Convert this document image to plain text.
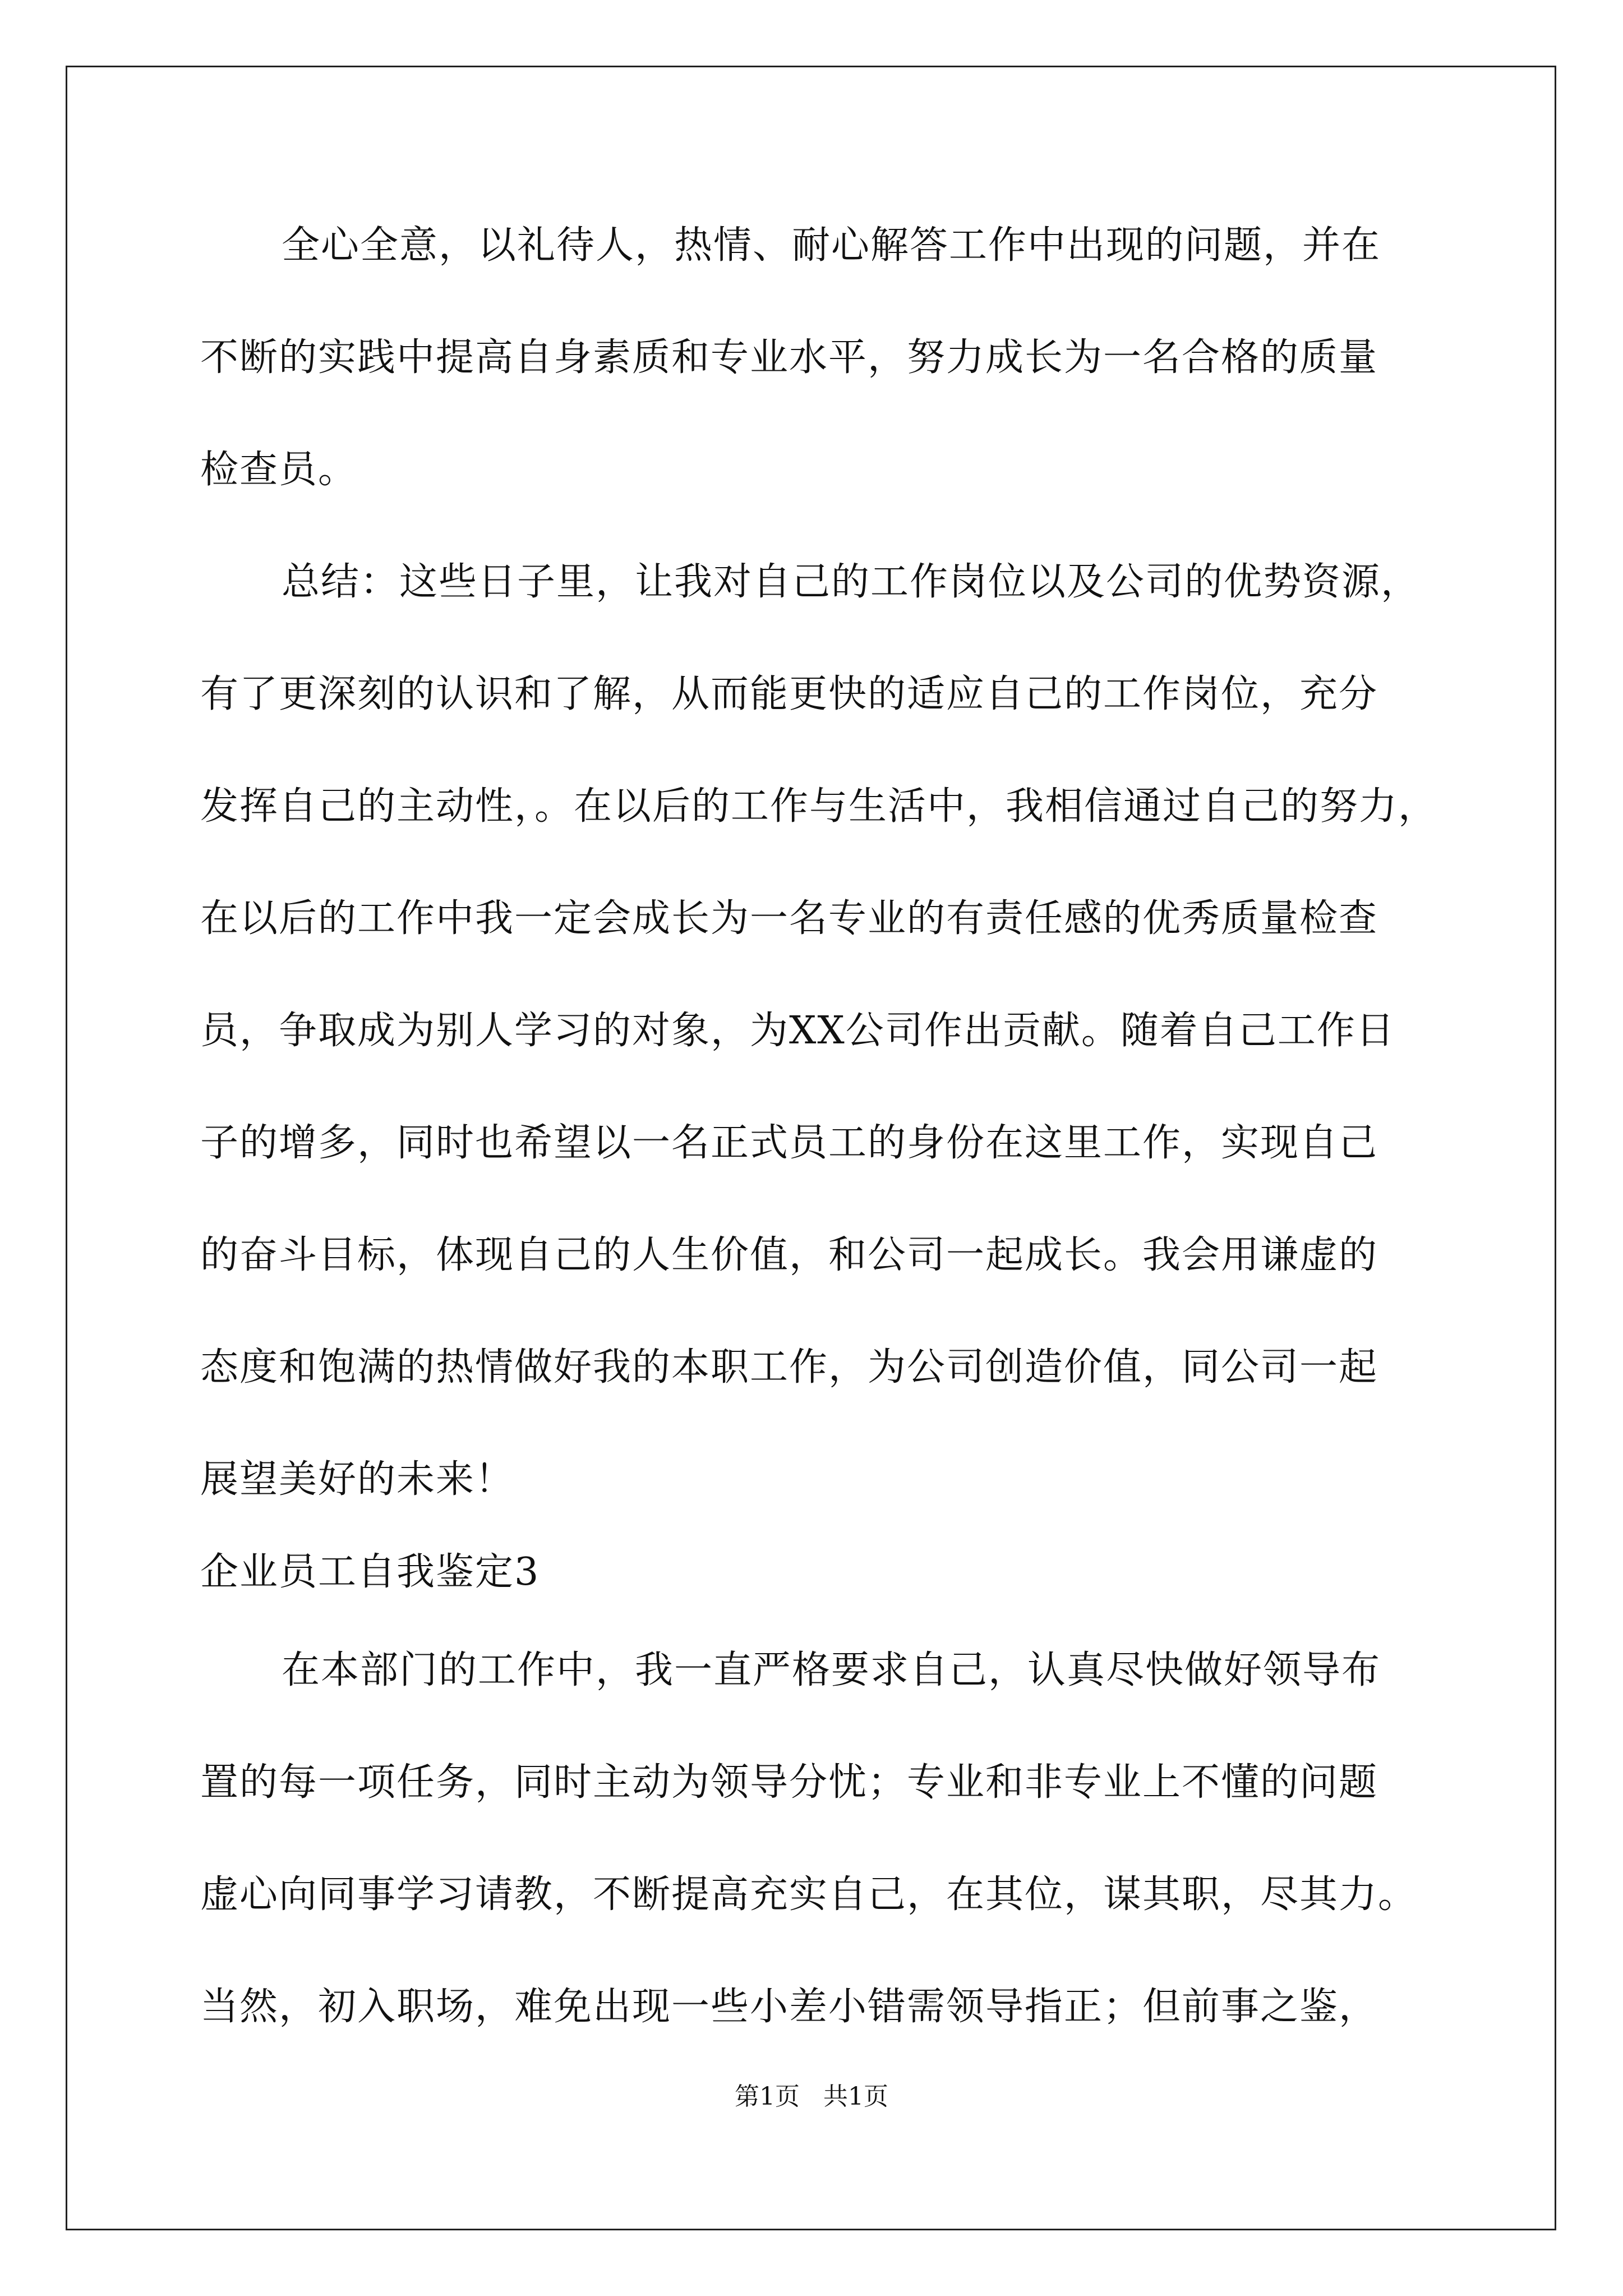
全心全意，以礼待人，热情、耐心解答工作中出现的问题，并在
不断的实践中提高自身素质和专业水平，努力成长为一名合格的质量
检查员。
总结：这些日子里，让我对自己的工作岗位以及公司的优势资源，
有了更深刻的认识和了解，从而能更快的适应自己的工作岗位，充分
发挥自己的主动性，。在以后的工作与生活中，我相信通过自己的努力，
在以后的工作中我一定会成长为一名专业的有责任感的优秀质量检查
员，争取成为别人学习的对象，为XX公司作出贡献。随着自己工作日
子的增多，同时也希望以一名正式员工的身份在这里工作，实现自己
的奋斗目标，体现自己的人生价值，和公司一起成长。我会用谦虚的
态度和饱满的热情做好我的本职工作，为公司创造价值，同公司一起
展望美好的未来！
企业员工自我鉴定3
在本部门的工作中，我一直严格要求自己，认真尽快做好领导布
置的每一项任务，同时主动为领导分忧；专业和非专业上不懂的问题
虚心向同事学习请教，不断提高充实自己，在其位，谋其职，尽其力。
当然，初入职场，难免出现一些小差小错需领导指正；但前事之鉴，
第1页   共1页
